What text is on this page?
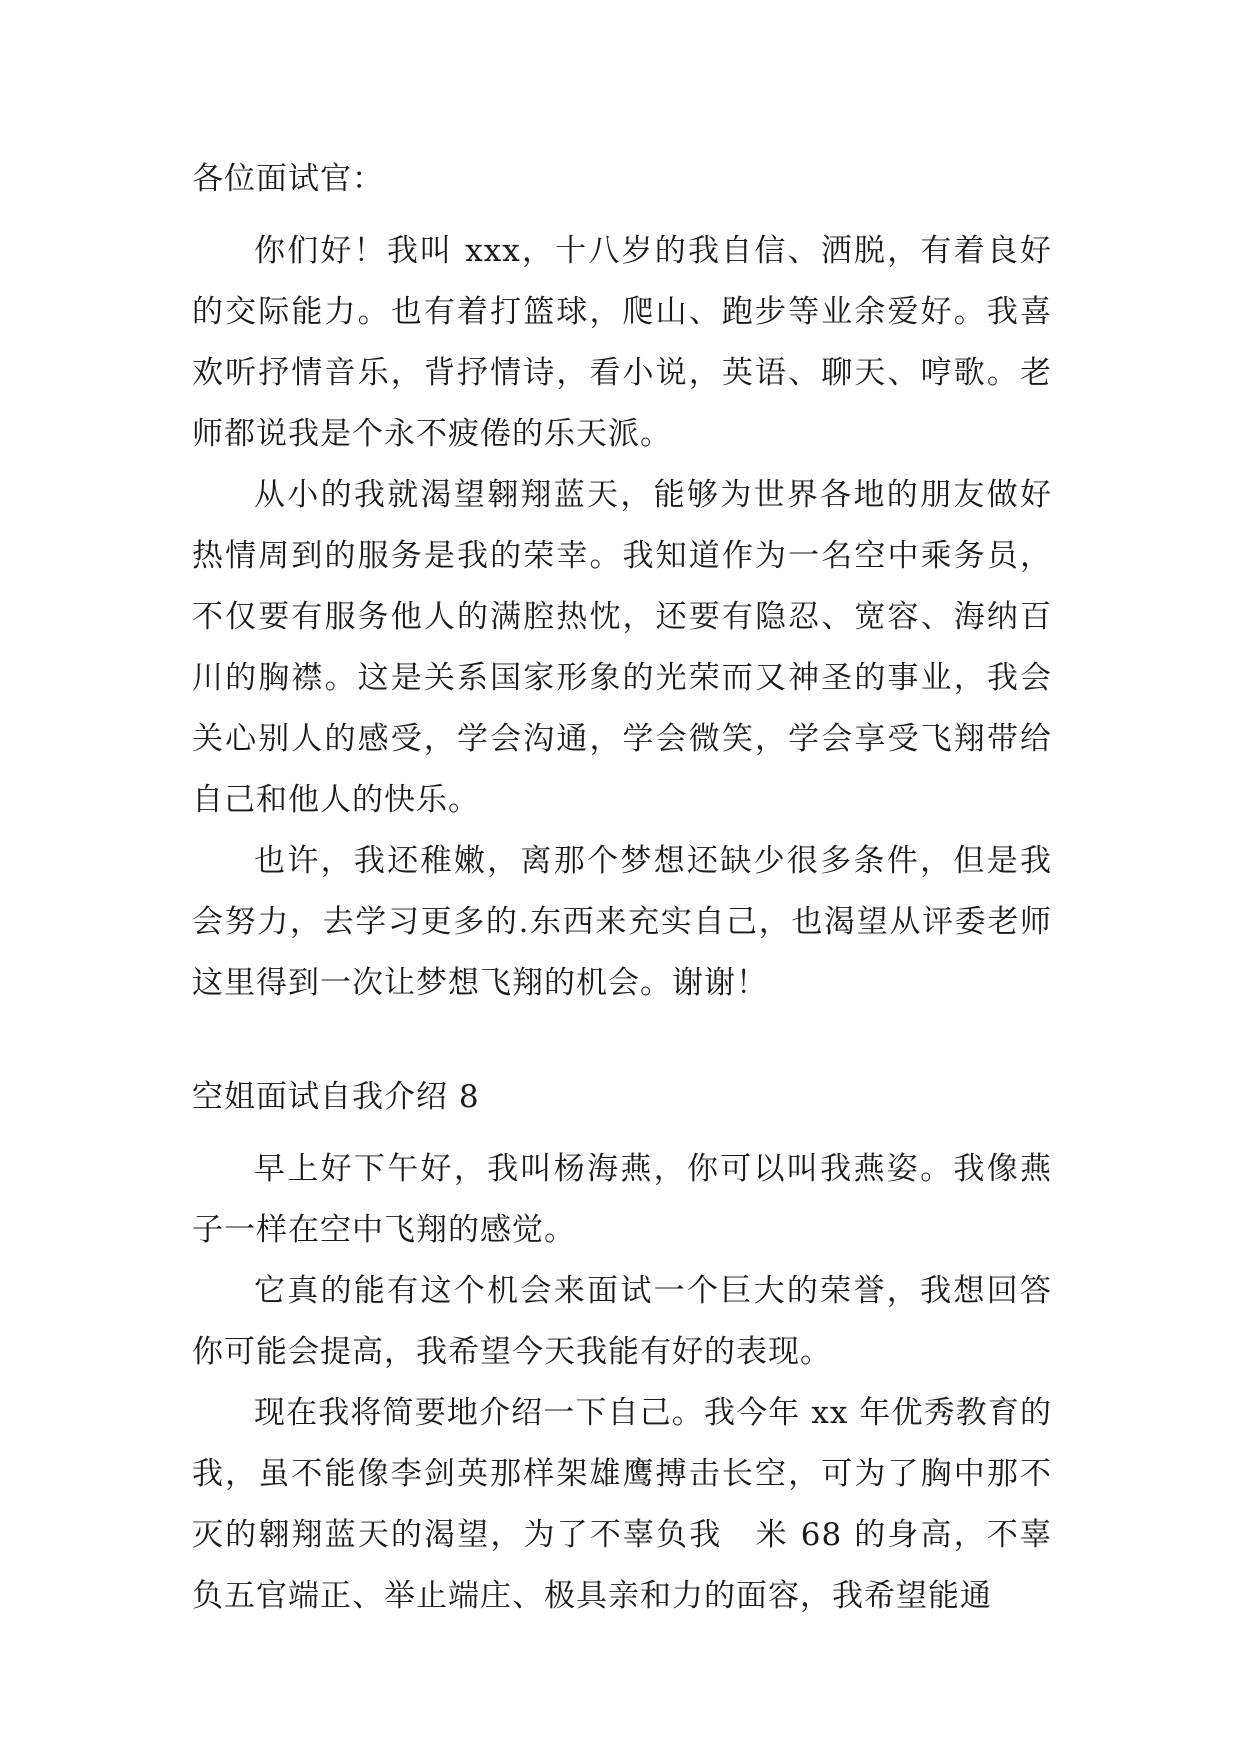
各位面试官：

你们好！我叫 xxx，十八岁的我自信、洒脱，有着良好的交际能力。也有着打篮球，爬山、跑步等业余爱好。我喜欢听抒情音乐，背抒情诗，看小说，英语、聊天、哼歌。老师都说我是个永不疲倦的乐天派。

从小的我就渴望翱翔蓝天，能够为世界各地的朋友做好热情周到的服务是我的荣幸。我知道作为一名空中乘务员，不仅要有服务他人的满腔热忱，还要有隐忍、宽容、海纳百川的胸襟。这是关系国家形象的光荣而又神圣的事业，我会关心别人的感受，学会沟通，学会微笑，学会享受飞翔带给自己和他人的快乐。

也许，我还稚嫩，离那个梦想还缺少很多条件，但是我会努力，去学习更多的.东西来充实自己，也渴望从评委老师这里得到一次让梦想飞翔的机会。谢谢！

空姐面试自我介绍 8

早上好下午好，我叫杨海燕，你可以叫我燕姿。我像燕子一样在空中飞翔的感觉。

它真的能有这个机会来面试一个巨大的荣誉，我想回答你可能会提高，我希望今天我能有好的表现。

现在我将简要地介绍一下自己。我今年 xx 年优秀教育的我，虽不能像李剑英那样架雄鹰搏击长空，可为了胸中那不灭的翱翔蓝天的渴望，为了不辜负我　米 68 的身高，不辜负五官端正、举止端庄、极具亲和力的面容，我希望能通
